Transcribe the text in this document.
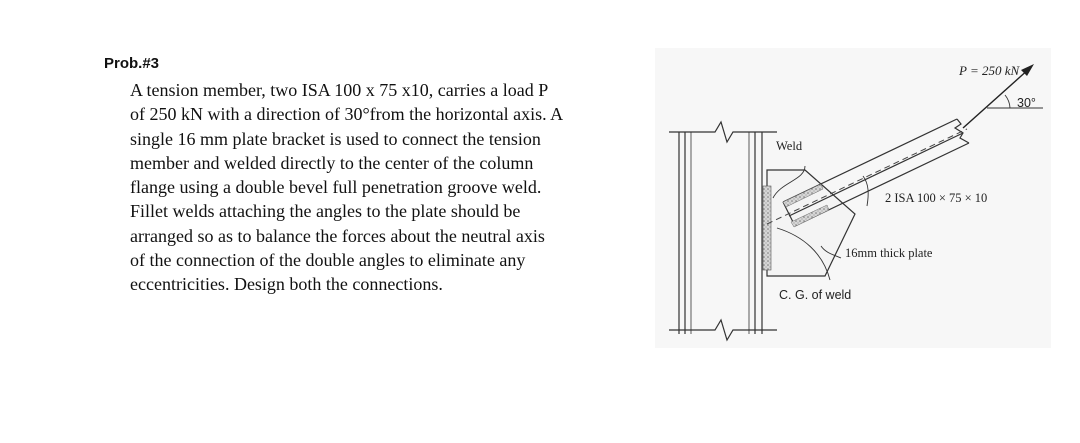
Prob.#3
A tension member, two ISA 100 x 75 x10, carries a load P
of 250 kN with a direction of 30°from the horizontal axis. A
single 16 mm plate bracket is used to connect the tension
member and welded directly to the center of the column
flange using a double bevel full penetration groove weld.
Fillet welds attaching the angles to the plate should be
arranged so as to balance the forces about the neutral axis
of the connection of the double angles to eliminate any
eccentricities. Design both the connections.
P = 250 kN
30°
Weld
2 ISA 100 × 75 × 10
16mm thick plate
C. G. of weld
